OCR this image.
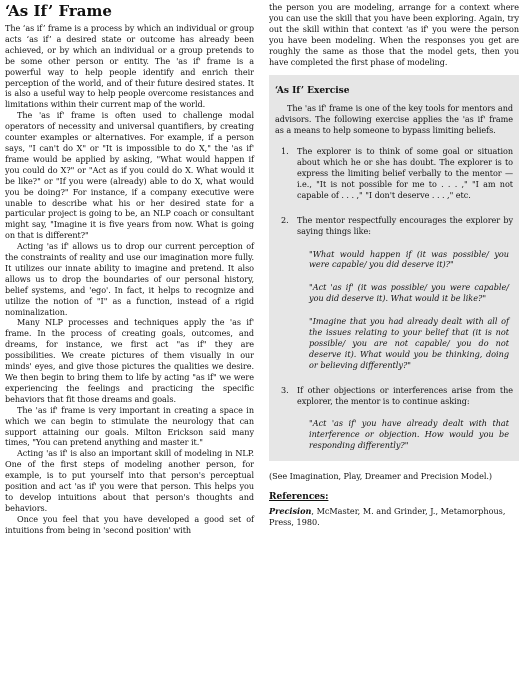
‘As If’ Frame

The ‘as if’ frame is a process by which an individual or group acts ‘as if’ a desired state or outcome has already been achieved, or by which an individual or a group pretends to be some other person or entity. The 'as if' frame is a powerful way to help people identify and enrich their perception of the world, and of their future desired states. It is also a useful way to help people overcome resistances and limitations within their current map of the world.

The 'as if' frame is often used to challenge modal operators of necessity and universal quantifiers, by creating counter examples or alternatives. For example, if a person says, "I can't do X" or "It is impossible to do X," the 'as if' frame would be applied by asking, "What would happen if you could do X?" or "Act as if you could do X. What would it be like?" or "If you were (already) able to do X, what would you be doing?" For instance, if a company executive were unable to describe what his or her desired state for a particular project is going to be, an NLP coach or consultant might say, "Imagine it is five years from now. What is going on that is different?"

Acting 'as if' allows us to drop our current perception of the constraints of reality and use our imagination more fully. It utilizes our innate ability to imagine and pretend. It also allows us to drop the boundaries of our personal history, belief systems, and 'ego'. In fact, it helps to recognize and utilize the notion of "I" as a function, instead of a rigid nominalization.

Many NLP processes and techniques apply the 'as if' frame. In the process of creating goals, outcomes, and dreams, for instance, we first act "as if" they are possibilities. We create pictures of them visually in our minds' eyes, and give those pictures the qualities we desire. We then begin to bring them to life by acting "as if" we were experiencing the feelings and practicing the specific behaviors that fit those dreams and goals.

The 'as if' frame is very important in creating a space in which we can begin to stimulate the neurology that can support attaining our goals. Milton Erickson said many times, "You can pretend anything and master it."

Acting 'as if' is also an important skill of modeling in NLP. One of the first steps of modeling another person, for example, is to put yourself into that person's perceptual position and act 'as if' you were that person. This helps you to develop intuitions about that person's thoughts and behaviors.

Once you feel that you have developed a good set of intuitions from being in 'second position' with

the person you are modeling, arrange for a context where you can use the skill that you have been exploring. Again, try out the skill within that context 'as if' you were the person you have been modeling. When the responses you get are roughly the same as those that the model gets, then you have completed the first phase of modeling.

‘As If’ Exercise

The 'as if' frame is one of the key tools for mentors and advisors. The following exercise applies the 'as if' frame as a means to help someone to bypass limiting beliefs.

1.	The explorer is to think of some goal or situation about which he or she has doubt. The explorer is to express the limiting belief verbally to the mentor — i.e., "It is not possible for me to . . . ," "I am not capable of . . . ," "I don't deserve . . . ," etc.

2.	The mentor respectfully encourages the explorer by saying things like:

"What would happen if (it was possible/ you were capable/ you did deserve it)?"
"Act 'as if' (it was possible/ you were capable/ you did deserve it). What would it be like?"
"Imagine that you had already dealt with all of the issues relating to your belief that (it is not possible/ you are not capable/ you do not deserve it). What would you be thinking, doing or believing differently?"
3.	If other objections or interferences arise from the explorer, the mentor is to continue asking:

"Act 'as if' you have already dealt with that interference or objection. How would you be responding differently?"

(See Imagination, Play, Dreamer and Precision Model.)

References:
Precision, McMaster, M. and Grinder, J., Metamorphous, Press, 1980.
